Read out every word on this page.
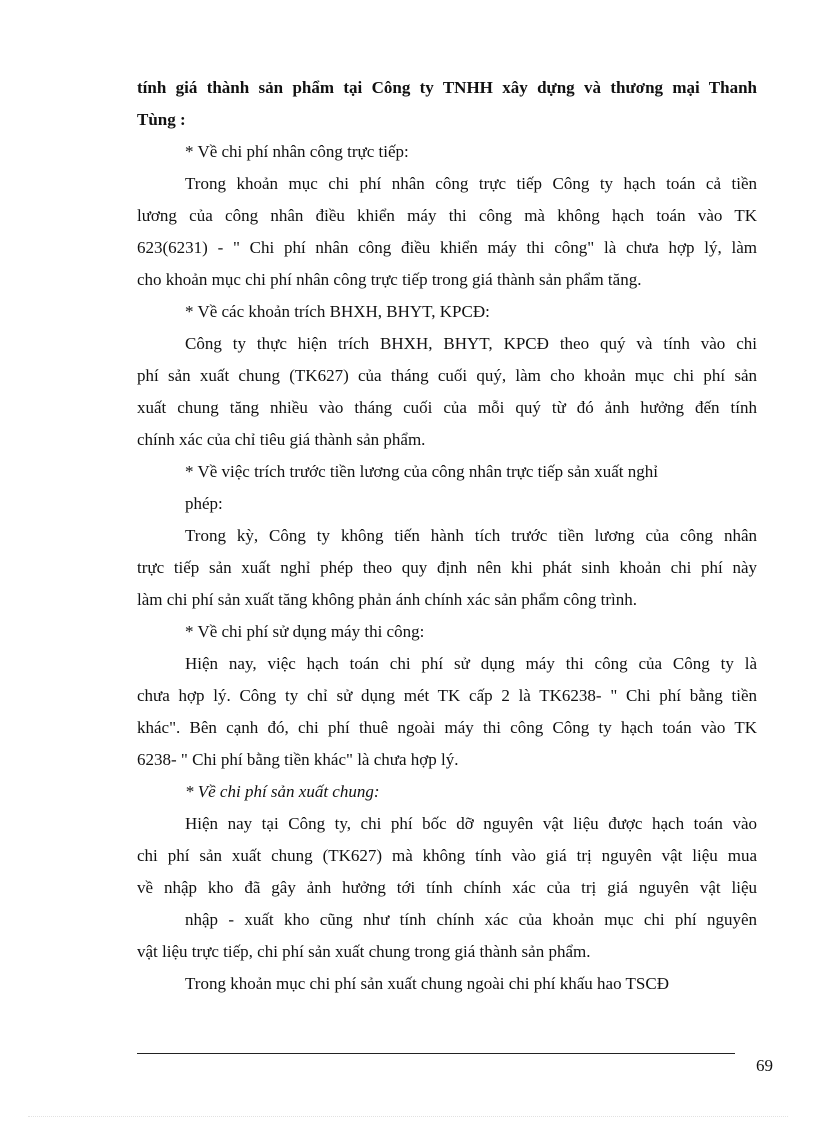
tính giá thành sản phẩm tại Công ty TNHH xây dựng và thương mại Thanh
Tùng :
* Về chi phí nhân công trực tiếp:
Trong khoản mục chi phí nhân công trực tiếp Công ty hạch toán cả tiền
lương của công nhân điều khiển máy thi công mà không hạch toán vào TK
623(6231) - " Chi phí nhân công điều khiển máy thi công" là chưa hợp lý, làm
cho khoản mục chi phí nhân công trực tiếp trong giá thành sản phẩm tăng.
* Về các khoản trích BHXH, BHYT, KPCĐ:
Công ty thực hiện trích BHXH, BHYT, KPCĐ theo quý và tính vào chi
phí sản xuất chung (TK627) của tháng cuối quý, làm cho khoản mục chi phí sản
xuất chung tăng nhiều vào tháng cuối của mỗi quý từ đó ảnh hưởng đến tính
chính xác của chỉ tiêu giá thành sản phẩm.
* Về việc trích trước tiền lương của công nhân trực tiếp sản xuất nghỉ
phép:
Trong kỳ, Công ty không tiến hành tích trước tiền lương của công nhân
trực tiếp sản xuất nghỉ phép theo quy định nên khi phát sinh khoản chi phí này
làm chi phí sản xuất tăng không phản ánh chính xác sản phẩm công trình.
* Về chi phí sử dụng máy thi công:
Hiện nay, việc hạch toán chi phí sử dụng máy thi công của Công ty là
chưa hợp lý. Công ty chỉ sử dụng mét TK cấp 2 là TK6238- " Chi phí bằng tiền
khác". Bên cạnh đó, chi phí thuê ngoài máy thi công Công ty hạch toán vào TK
6238- " Chi phí bằng tiền khác" là chưa hợp lý.
* Về chi phí sản xuất chung:
Hiện nay tại Công ty, chi phí bốc dỡ nguyên vật liệu được hạch toán vào
chi phí sản xuất chung (TK627) mà không tính vào giá trị nguyên vật liệu mua
về nhập kho đã gây ảnh hưởng tới tính chính xác của trị giá nguyên vật liệu
nhập - xuất kho cũng như tính chính xác của khoản mục chi phí nguyên
vật liệu trực tiếp, chi phí sản xuất chung trong giá thành sản phẩm.
Trong khoản mục chi phí sản xuất chung ngoài chi phí khấu hao TSCĐ
69
